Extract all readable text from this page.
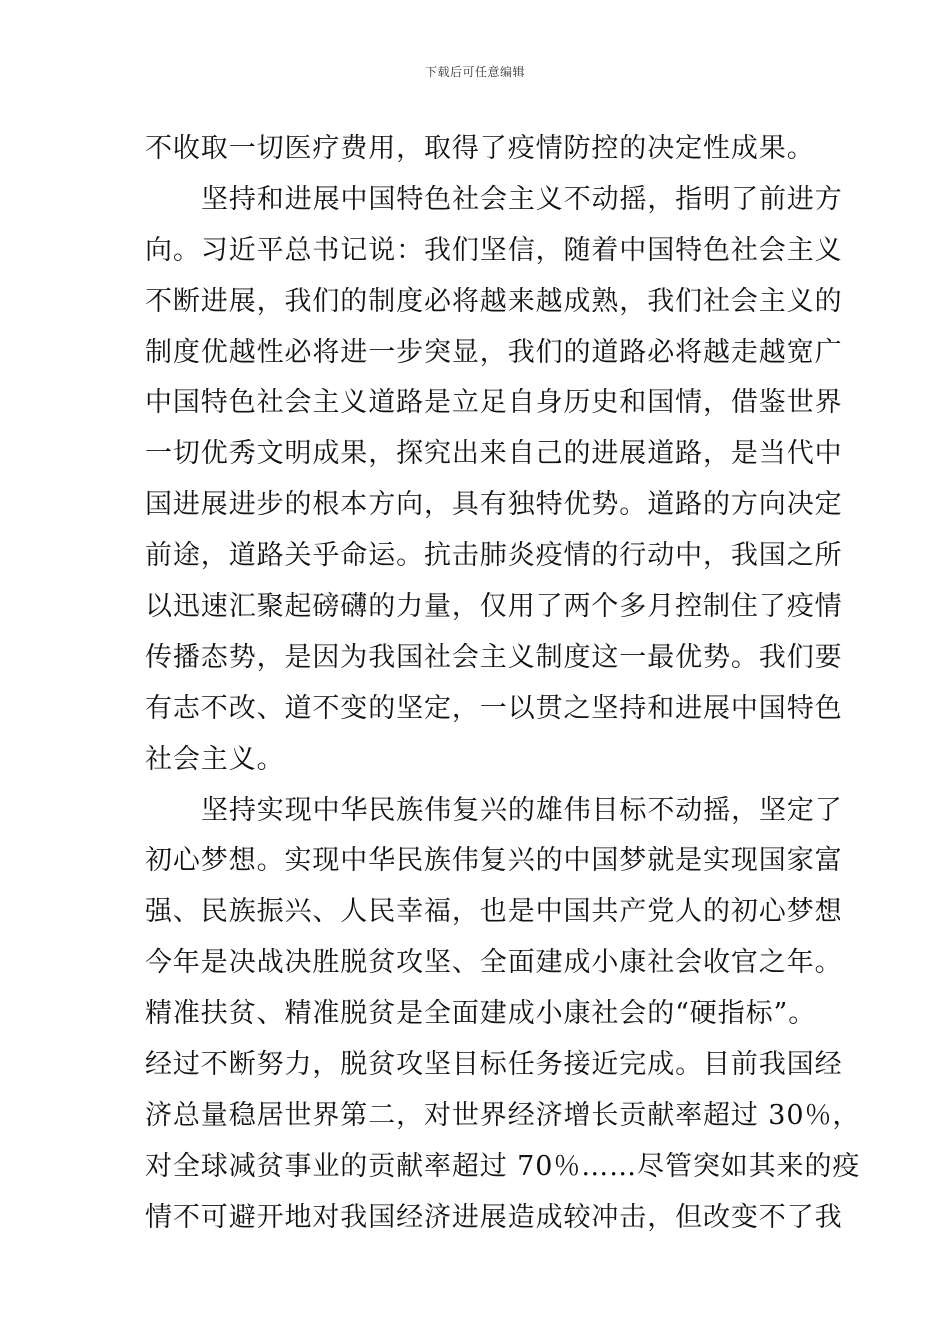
下载后可任意编辑
不收取一切医疗费用，取得了疫情防控的决定性成果。
坚持和进展中国特色社会主义不动摇，指明了前进方
向。习近平总书记说：我们坚信，随着中国特色社会主义
不断进展，我们的制度必将越来越成熟，我们社会主义的
制度优越性必将进一步突显，我们的道路必将越走越宽广
中国特色社会主义道路是立足自身历史和国情，借鉴世界
一切优秀文明成果，探究出来自己的进展道路，是当代中
国进展进步的根本方向，具有独特优势。道路的方向决定
前途，道路关乎命运。抗击肺炎疫情的行动中，我国之所
以迅速汇聚起磅礴的力量，仅用了两个多月控制住了疫情
传播态势，是因为我国社会主义制度这一最优势。我们要
有志不改、道不变的坚定，一以贯之坚持和进展中国特色
社会主义。
坚持实现中华民族伟复兴的雄伟目标不动摇，坚定了
初心梦想。实现中华民族伟复兴的中国梦就是实现国家富
强、民族振兴、人民幸福，也是中国共产党人的初心梦想
今年是决战决胜脱贫攻坚、全面建成小康社会收官之年。
精准扶贫、精准脱贫是全面建成小康社会的“硬指标”。
经过不断努力，脱贫攻坚目标任务接近完成。目前我国经
济总量稳居世界第二，对世界经济增长贡献率超过 30％，
对全球减贫事业的贡献率超过 70％……尽管突如其来的疫
情不可避开地对我国经济进展造成较冲击，但改变不了我
